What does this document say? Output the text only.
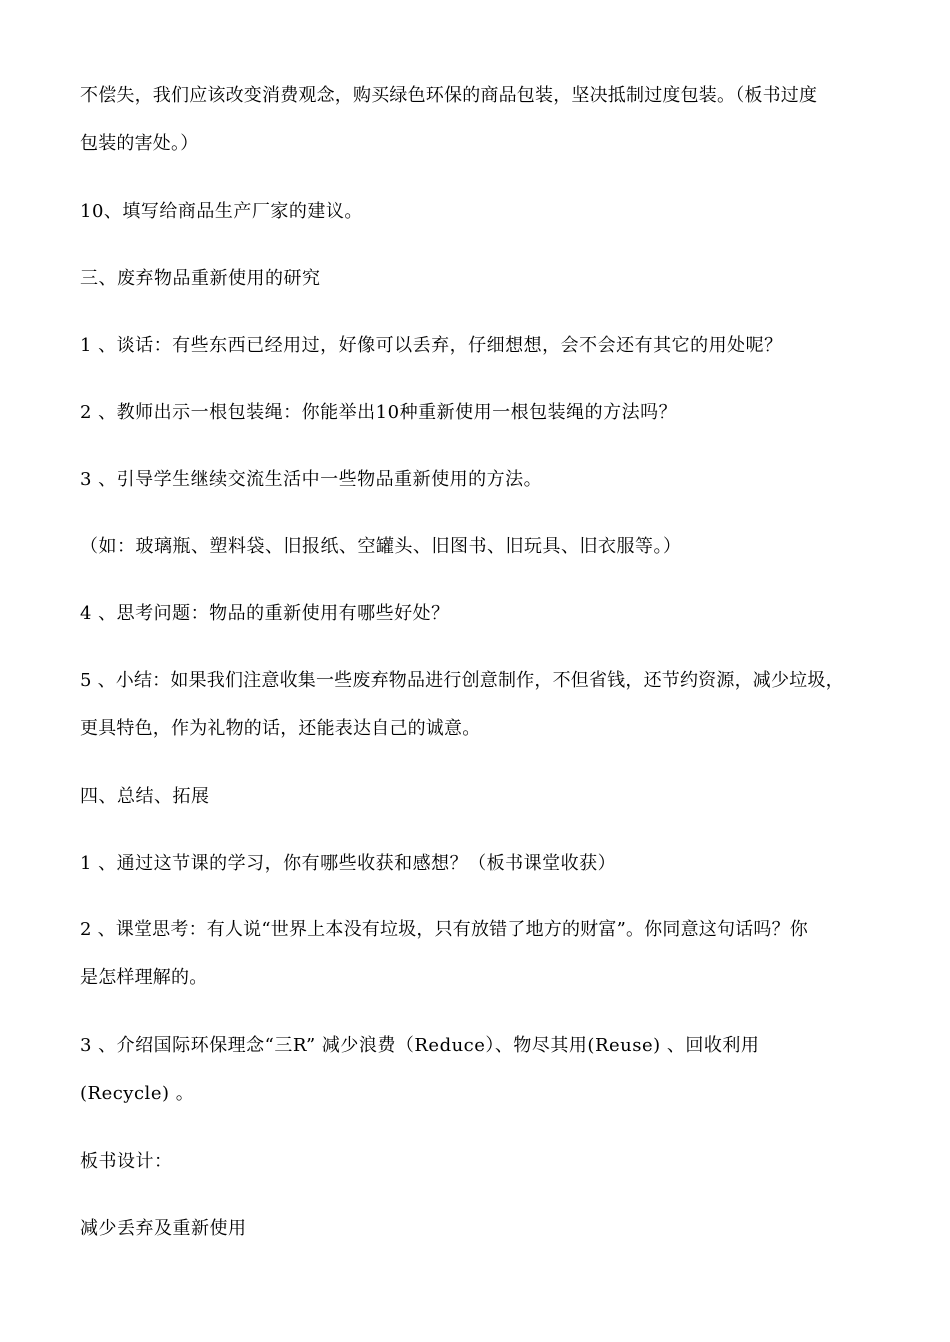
不偿失，我们应该改变消费观念，购买绿色环保的商品包装，坚决抵制过度包装。（板书过度
包装的害处。）

10、填写给商品生产厂家的建议。

三、废弃物品重新使用的研究

1 、谈话：有些东西已经用过，好像可以丢弃，仔细想想，会不会还有其它的用处呢？

2 、教师出示一根包装绳：你能举出10种重新使用一根包装绳的方法吗？

3 、引导学生继续交流生活中一些物品重新使用的方法。

（如：玻璃瓶、塑料袋、旧报纸、空罐头、旧图书、旧玩具、旧衣服等。）

4 、思考问题：物品的重新使用有哪些好处？

5 、小结：如果我们注意收集一些废弃物品进行创意制作，不但省钱，还节约资源，减少垃圾，
更具特色，作为礼物的话，还能表达自己的诚意。

四、总结、拓展

1 、通过这节课的学习，你有哪些收获和感想？（板书课堂收获）

2 、课堂思考：有人说“世界上本没有垃圾，只有放错了地方的财富”。你同意这句话吗？你
是怎样理解的。

3 、介绍国际环保理念“三R” 减少浪费（Reduce）、物尽其用(Reuse) 、回收利用
(Recycle) 。

板书设计：

减少丢弃及重新使用
